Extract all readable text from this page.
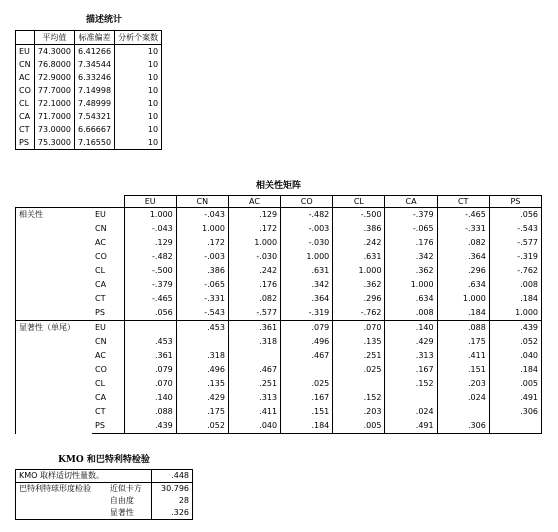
描述统计
	平均值	标准偏差	分析个案数
EU	74.3000	6.41266	10
CN	76.8000	7.34544	10
AC	72.9000	6.33246	10
CO	77.7000	7.14998	10
CL	72.1000	7.48999	10
CA	71.7000	7.54321	10
CT	73.0000	6.66667	10
PS	75.3000	7.16550	10
相关性矩阵
		EU	CN	AC	CO	CL	CA	CT	PS
相关性	EU	1.000	-.043	.129	-.482	-.500	-.379	-.465	.056
	CN	-.043	1.000	.172	-.003	.386	-.065	-.331	-.543
	AC	.129	.172	1.000	-.030	.242	.176	.082	-.577
	CO	-.482	-.003	-.030	1.000	.631	.342	.364	-.319
	CL	-.500	.386	.242	.631	1.000	.362	.296	-.762
	CA	-.379	-.065	.176	.342	.362	1.000	.634	.008
	CT	-.465	-.331	.082	.364	.296	.634	1.000	.184
	PS	.056	-.543	-.577	-.319	-.762	.008	.184	1.000
显著性（单尾）	EU		.453	.361	.079	.070	.140	.088	.439
	CN	.453		.318	.496	.135	.429	.175	.052
	AC	.361	.318		.467	.251	.313	.411	.040
	CO	.079	.496	.467		.025	.167	.151	.184
	CL	.070	.135	.251	.025		.152	.203	.005
	CA	.140	.429	.313	.167	.152		.024	.491
	CT	.088	.175	.411	.151	.203	.024		.306
	PS	.439	.052	.040	.184	.005	.491	.306	
KMO 和巴特利特检验
KMO 取样适切性量数。		.448
巴特利特球形度检验	近似卡方	30.796
	自由度	28
	显著性	.326
